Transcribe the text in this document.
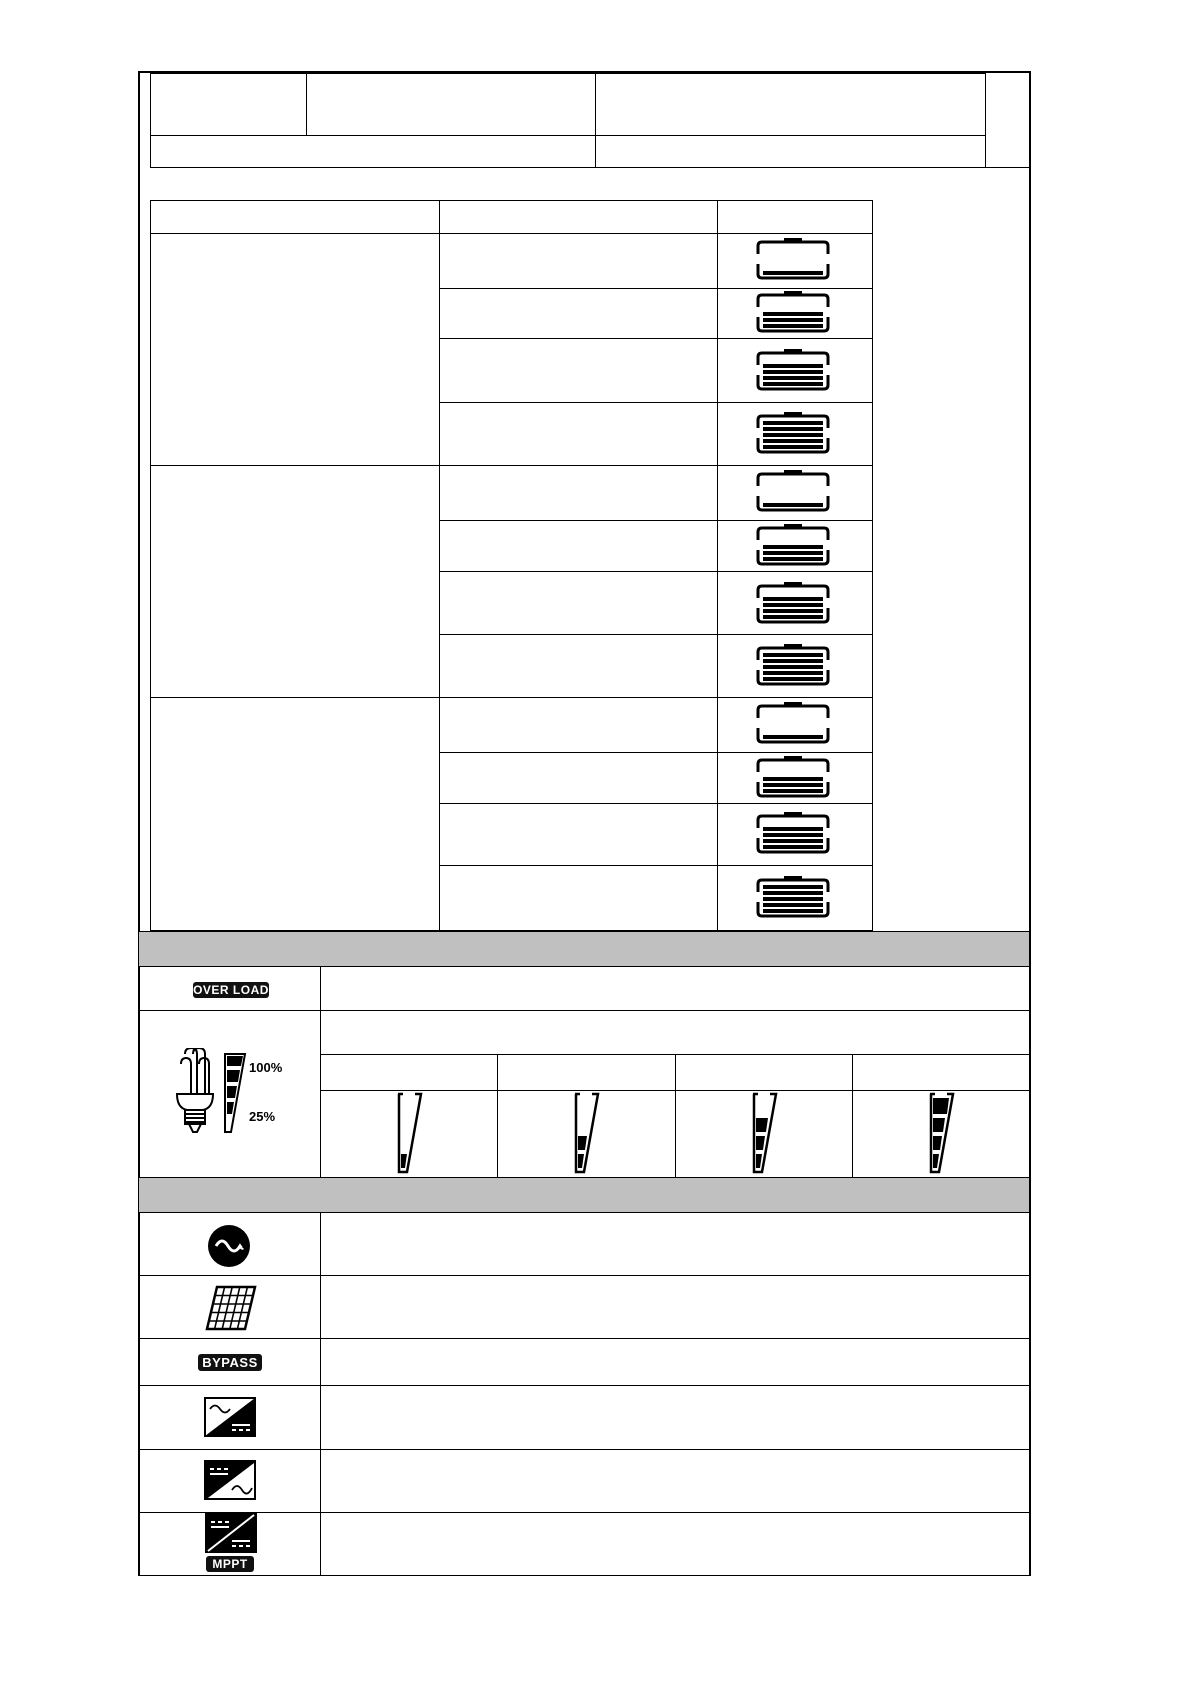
OVER LOAD
100%
25%
BYPASS
MPPT
